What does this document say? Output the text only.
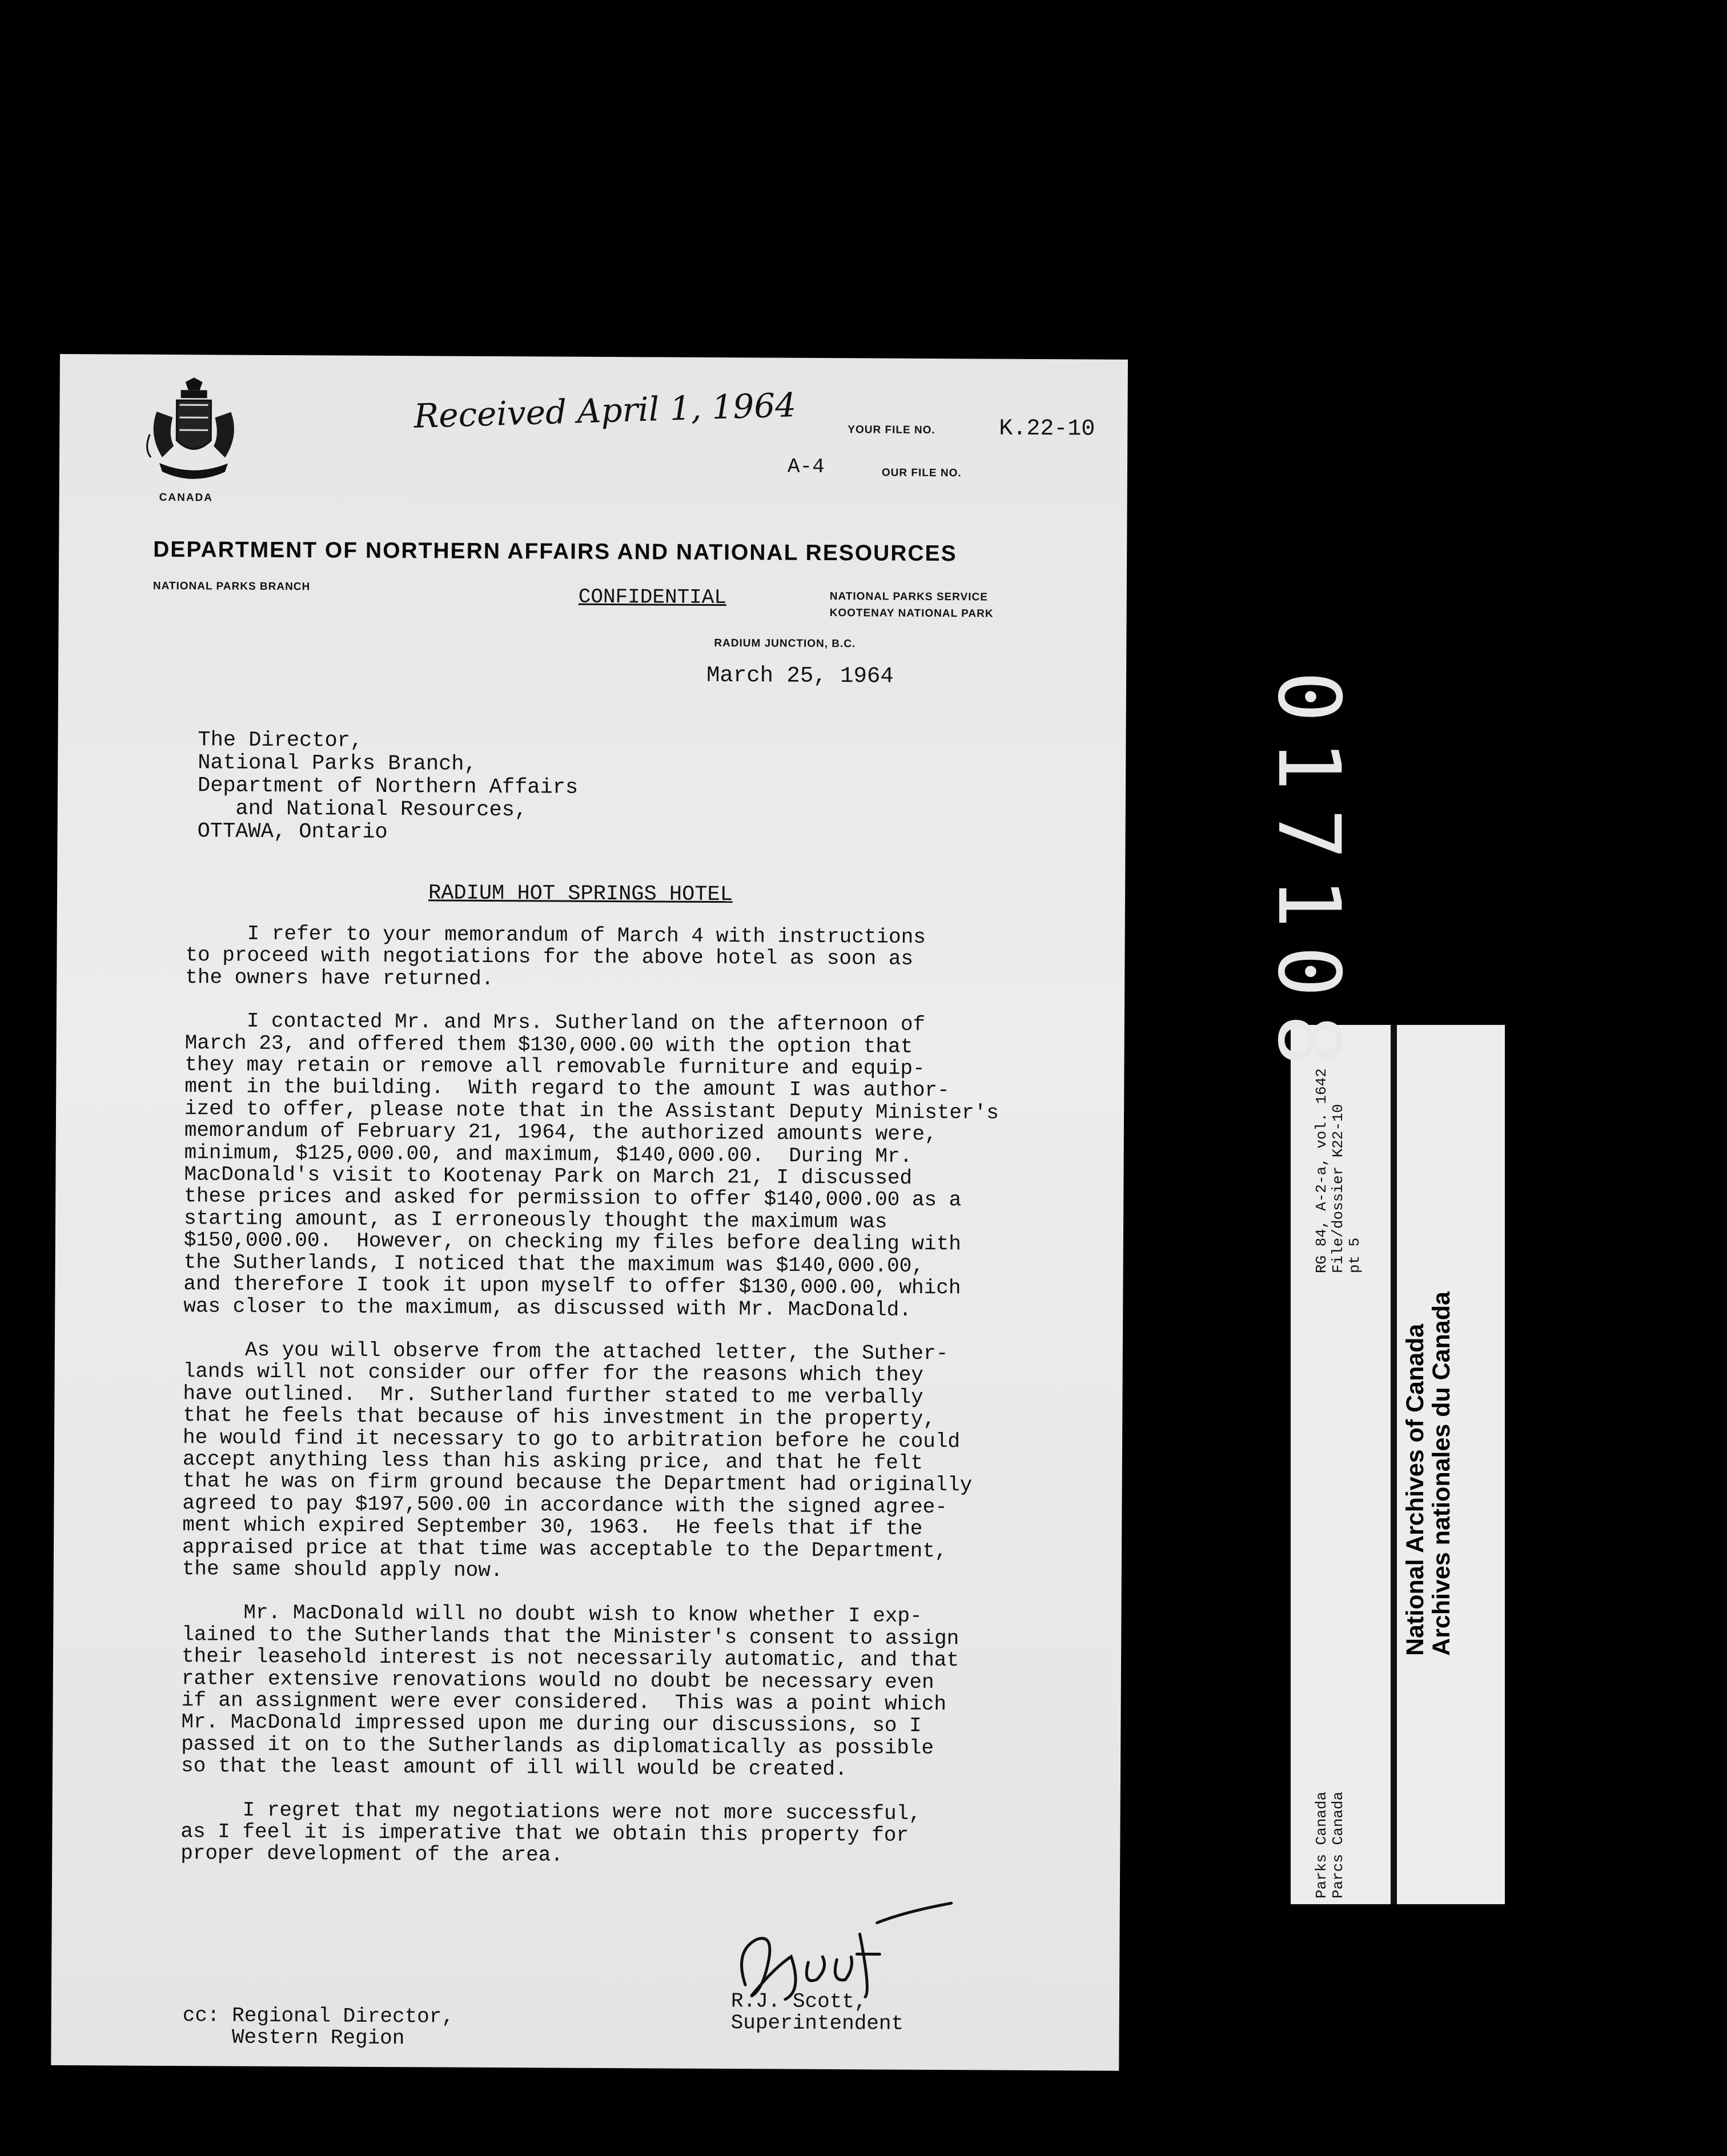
CANADA
Received April 1, 1964	YOUR FILE NO.	K.22-10
A-4	OUR FILE NO.
DEPARTMENT OF NORTHERN AFFAIRS AND NATIONAL RESOURCES
NATIONAL PARKS BRANCH	CONFIDENTIAL	NATIONAL PARKS SERVICE
KOOTENAY NATIONAL PARK
RADIUM JUNCTION, B.C.
March 25, 1964
The Director,
National Parks Branch,
Department of Northern Affairs
and National Resources,
OTTAWA, Ontario
RADIUM HOT SPRINGS HOTEL

I refer to your memorandum of March 4 with instructions
to proceed with negotiations for the above hotel as soon as
the owners have returned.

I contacted Mr. and Mrs. Sutherland on the afternoon of
March 23, and offered them $130,000.00 with the option that
they may retain or remove all removable furniture and equip-
ment in the building.  With regard to the amount I was author-
ized to offer, please note that in the Assistant Deputy Minister's
memorandum of February 21, 1964, the authorized amounts were,
minimum, $125,000.00, and maximum, $140,000.00.  During Mr.
MacDonald's visit to Kootenay Park on March 21, I discussed
these prices and asked for permission to offer $140,000.00 as a
starting amount, as I erroneously thought the maximum was
$150,000.00.  However, on checking my files before dealing with
the Sutherlands, I noticed that the maximum was $140,000.00,
and therefore I took it upon myself to offer $130,000.00, which
was closer to the maximum, as discussed with Mr. MacDonald.

As you will observe from the attached letter, the Suther-
lands will not consider our offer for the reasons which they
have outlined.  Mr. Sutherland further stated to me verbally
that he feels that because of his investment in the property,
he would find it necessary to go to arbitration before he could
accept anything less than his asking price, and that he felt
that he was on firm ground because the Department had originally
agreed to pay $197,500.00 in accordance with the signed agree-
ment which expired September 30, 1963.  He feels that if the
appraised price at that time was acceptable to the Department,
the same should apply now.

Mr. MacDonald will no doubt wish to know whether I exp-
lained to the Sutherlands that the Minister's consent to assign
their leasehold interest is not necessarily automatic, and that
rather extensive renovations would no doubt be necessary even
if an assignment were ever considered.  This was a point which
Mr. MacDonald impressed upon me during our discussions, so I
passed it on to the Sutherlands as diplomatically as possible
so that the least amount of ill will would be created.

I regret that my negotiations were not more successful,
as I feel it is imperative that we obtain this property for
proper development of the area.

R.J. Scott,
Superintendent
cc: Regional Director,
Western Region
RG 84, A-2-a, vol. 1642
File/dossier K22-10
pt 5
Parks Canada
Parcs Canada
National Archives of Canada
Archives nationales du Canada
017108
